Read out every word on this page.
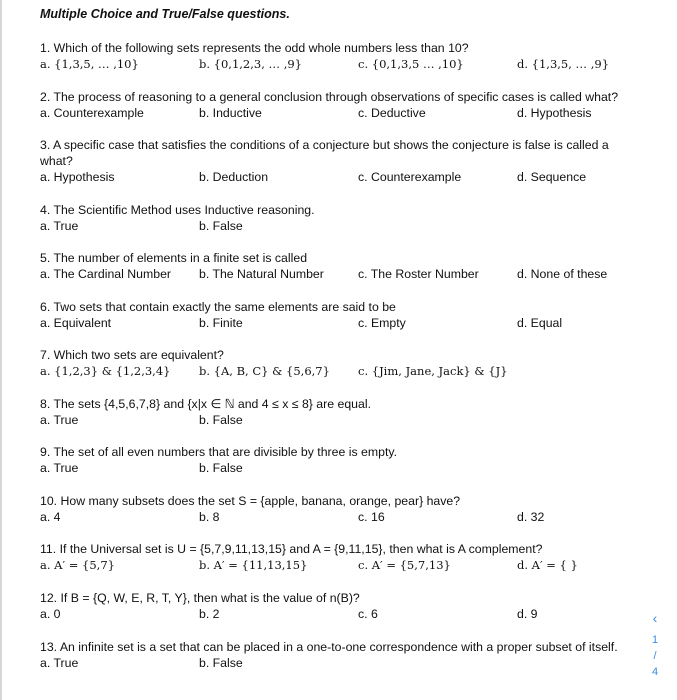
Multiple Choice and True/False questions.
1. Which of the following sets represents the odd whole numbers less than 10?
a. {1,3,5, … ,10}	b. {0,1,2,3, … ,9}	c. {0,1,3,5 … ,10}	d. {1,3,5, … ,9}
2. The process of reasoning to a general conclusion through observations of specific cases is called what?
a. Counterexample	b. Inductive	c. Deductive	d. Hypothesis
3. A specific case that satisfies the conditions of a conjecture but shows the conjecture is false is called a what?
a. Hypothesis	b. Deduction	c. Counterexample	d. Sequence
4. The Scientific Method uses Inductive reasoning.
a. True	b. False
5. The number of elements in a finite set is called
a. The Cardinal Number b. The Natural Number	c. The Roster Number	d. None of these
6. Two sets that contain exactly the same elements are said to be
a. Equivalent	b. Finite	c. Empty	d. Equal
7. Which two sets are equivalent?
a. {1,2,3} & {1,2,3,4} b. {A, B, C} & {5,6,7} c. {Jim, Jane, Jack} & {J}
8. The sets {4,5,6,7,8} and {x|x ∈ ℕ and 4 ≤ x ≤ 8} are equal.
a. True	b. False
9. The set of all even numbers that are divisible by three is empty.
a. True	b. False
10. How many subsets does the set S = {apple, banana, orange, pear} have?
a. 4	b. 8	c. 16	d. 32
11. If the Universal set is U = {5,7,9,11,13,15} and A = {9,11,15}, then what is A complement?
a. A′ = {5,7}	b. A′ = {11,13,15}	c. A′ = {5,7,13}	d. A′ = { }
12. If B = {Q, W, E, R, T, Y}, then what is the value of n(B)?
a. 0	b. 2	c. 6	d. 9
13. An infinite set is a set that can be placed in a one-to-one correspondence with a proper subset of itself.
a. True	b. False
‹
1
/
4
